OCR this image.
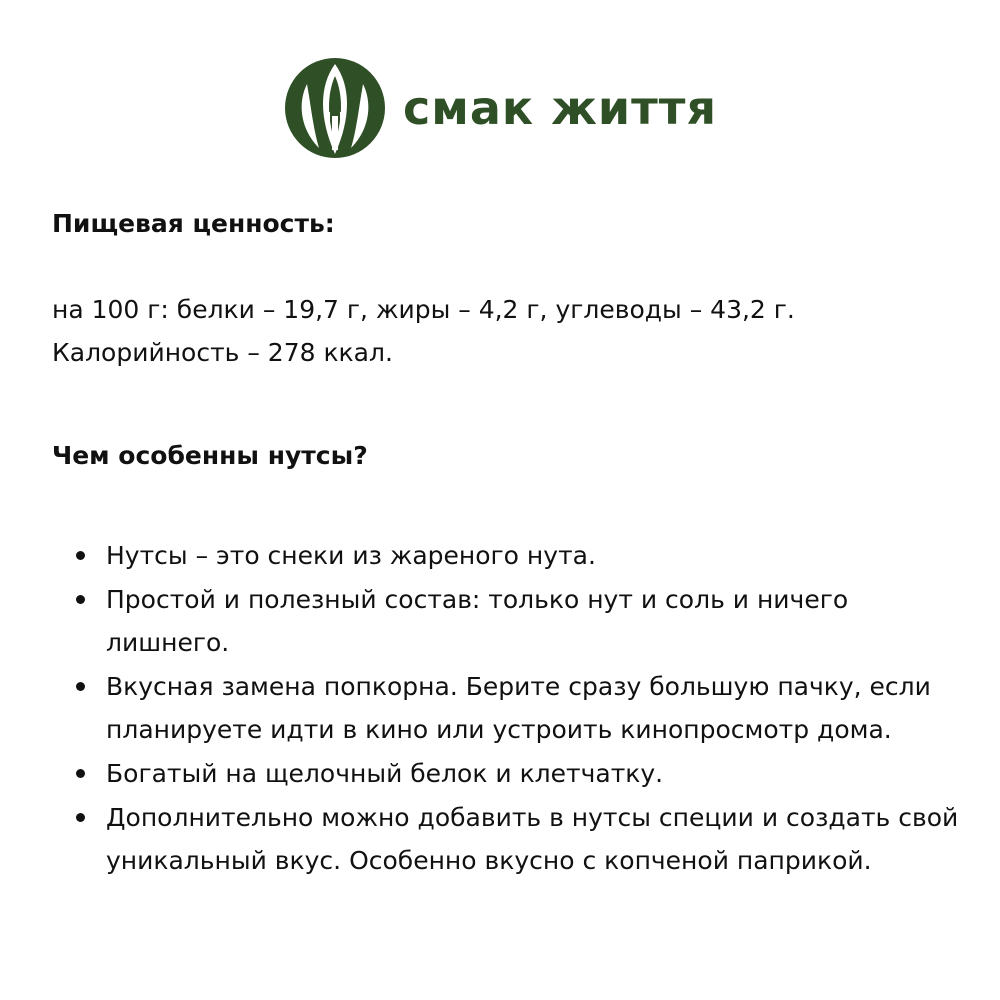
смак життя

Пищевая ценность:

на 100 г: белки – 19,7 г, жиры – 4,2 г, углеводы – 43,2 г.

Калорийность – 278 ккал.

Чем особенны нутсы?

Нутсы – это снеки из жареного нута.
Простой и полезный состав: только нут и соль и ничего лишнего.
Вкусная замена попкорна. Берите сразу большую пачку, если планируете идти в кино или устроить кинопросмотр дома.
Богатый на щелочный белок и клетчатку.
Дополнительно можно добавить в нутсы специи и создать свой уникальный вкус. Особенно вкусно с копченой паприкой.
